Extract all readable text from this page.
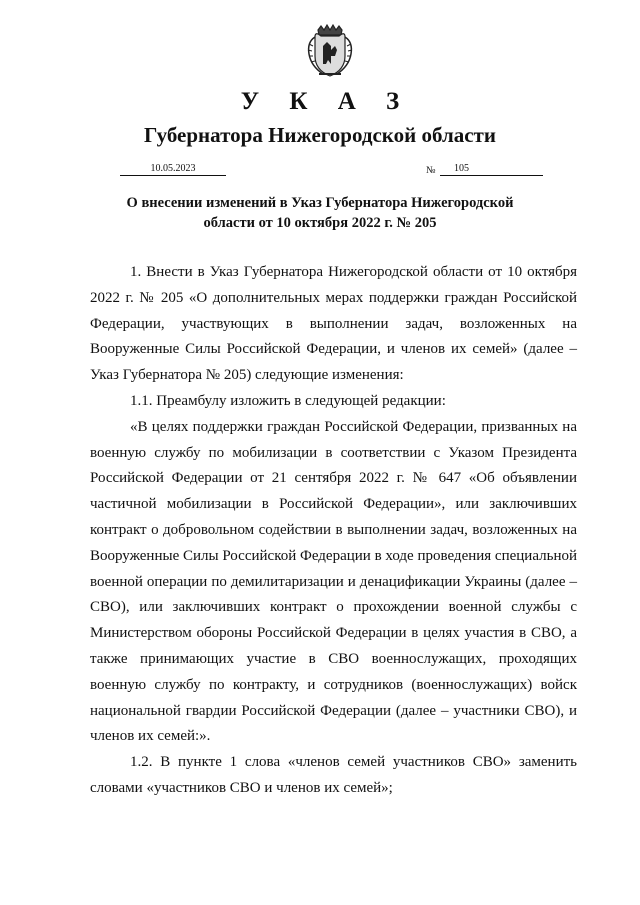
У К А З
Губернатора Нижегородской области
10.05.2023	№	105
О внесении изменений в Указ Губернатора Нижегородской области от 10 октября 2022 г. № 205

1. Внести в Указ Губернатора Нижегородской области от 10 октября 2022 г. № 205 «О дополнительных мерах поддержки граждан Российской Федерации, участвующих в выполнении задач, возложенных на Вооруженные Силы Российской Федерации, и членов их семей» (далее – Указ Губернатора № 205) следующие изменения:

1.1. Преамбулу изложить в следующей редакции:

«В целях поддержки граждан Российской Федерации, призванных на военную службу по мобилизации в соответствии с Указом Президента Российской Федерации от 21 сентября 2022 г. № 647 «Об объявлении частичной мобилизации в Российской Федерации», или заключивших контракт о добровольном содействии в выполнении задач, возложенных на Вооруженные Силы Российской Федерации в ходе проведения специальной военной операции по демилитаризации и денацификации Украины (далее – СВО), или заключивших контракт о прохождении военной службы с Министерством обороны Российской Федерации в целях участия в СВО, а также принимающих участие в СВО военнослужащих, проходящих военную службу по контракту, и сотрудников (военнослужащих) войск национальной гвардии Российской Федерации (далее – участники СВО), и членов их семей:».

1.2. В пункте 1 слова «членов семей участников СВО» заменить словами «участников СВО и членов их семей»;
